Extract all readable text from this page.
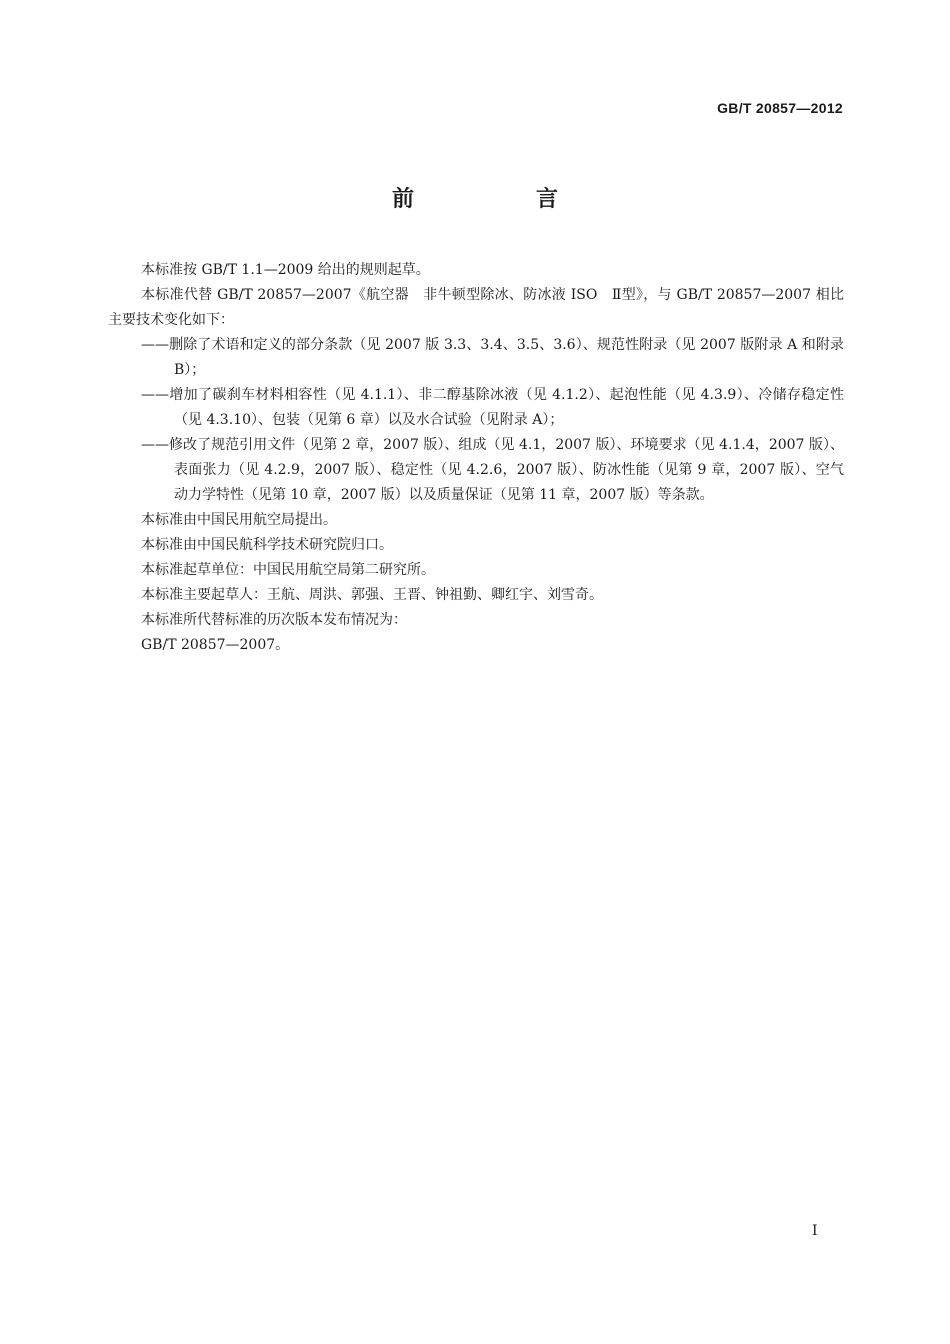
GB/T 20857—2012
前　言

本标准按 GB/T 1.1—2009 给出的规则起草。

本标准代替 GB/T 20857—2007《航空器　非牛顿型除冰、防冰液 ISO　Ⅱ型》，与 GB/T 20857—2007 相比主要技术变化如下：

——删除了术语和定义的部分条款（见 2007 版 3.3、3.4、3.5、3.6）、规范性附录（见 2007 版附录 A 和附录 B）；

——增加了碳刹车材料相容性（见 4.1.1）、非二醇基除冰液（见 4.1.2）、起泡性能（见 4.3.9）、冷储存稳定性（见 4.3.10）、包装（见第 6 章）以及水合试验（见附录 A）；

——修改了规范引用文件（见第 2 章，2007 版）、组成（见 4.1，2007 版）、环境要求（见 4.1.4，2007 版）、表面张力（见 4.2.9，2007 版）、稳定性（见 4.2.6，2007 版）、防冰性能（见第 9 章，2007 版）、空气动力学特性（见第 10 章，2007 版）以及质量保证（见第 11 章，2007 版）等条款。

本标准由中国民用航空局提出。

本标准由中国民航科学技术研究院归口。

本标准起草单位：中国民用航空局第二研究所。

本标准主要起草人：王航、周洪、郭强、王晋、钟祖勤、卿红宇、刘雪奇。

本标准所代替标准的历次版本发布情况为：

GB/T 20857—2007。

I
